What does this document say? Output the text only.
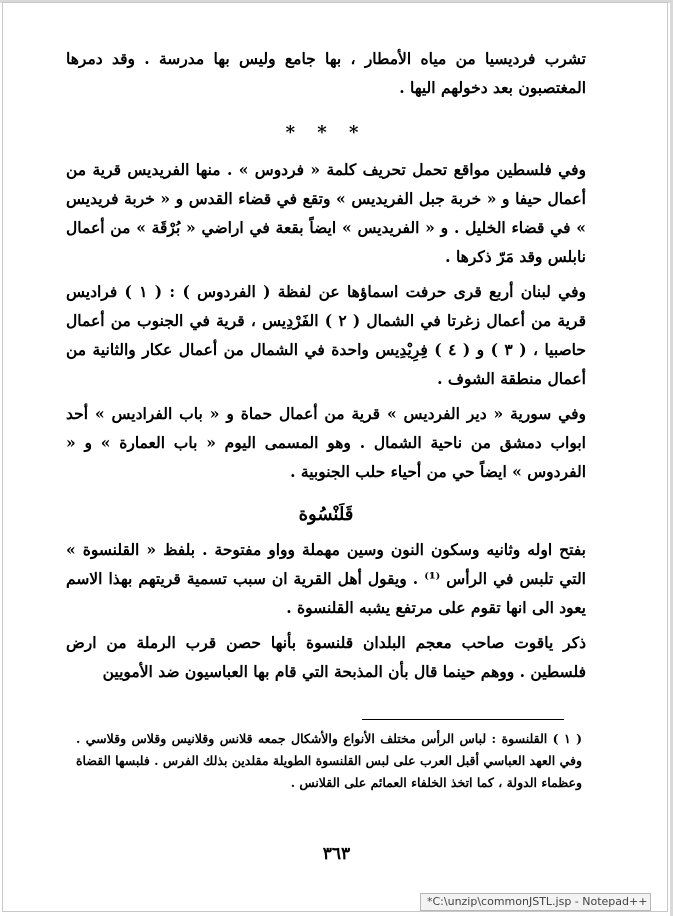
تشرب فرديسيا من مياه الأمطار ، بها جامع وليس بها مدرسة . وقد دمرها المغتصبون بعد دخولهم اليها .

* * *

وفي فلسطين مواقع تحمل تحريف كلمة « فردوس » . منها الفريديس قرية من أعمال حيفا و « خربة جبل الفريديس » وتقع في قضاء القدس و « خربة فريديس » في قضاء الخليل . و « الفريديس » ايضاً بقعة في اراضي « بُرْقَة » من أعمال نابلس وقد مَرّ ذكرها .

وفي لبنان أربع قرى حرفت اسماؤها عن لفظة ( الفردوس ) : ( ١ ) فراديس قرية من أعمال زغرتا في الشمال ( ٢ ) الفَرْدِيس ، قرية في الجنوب من أعمال حاصبيا ، ( ٣ ) و ( ٤ ) فِرِيْدِيس واحدة في الشمال من أعمال عكار والثانية من أعمال منطقة الشوف .

وفي سورية « دير الفرديس » قرية من أعمال حماة و « باب الفراديس » أحد ابواب دمشق من ناحية الشمال . وهو المسمى اليوم « باب العمارة » و « الفردوس » ايضاً حي من أحياء حلب الجنوبية .

قَلَنْسُوة

بفتح اوله وثانيه وسكون النون وسين مهملة وواو مفتوحة . بلفظ « القلنسوة » التي تلبس في الرأس ⁽¹⁾ . ويقول أهل القرية ان سبب تسمية قريتهم بهذا الاسم يعود الى انها تقوم على مرتفع يشبه القلنسوة .

ذكر ياقوت صاحب معجم البلدان قلنسوة بأنها حصن قرب الرملة من ارض فلسطين . ووهم حينما قال بأن المذبحة التي قام بها العباسيون ضد الأمويين

( ١ ) القلنسوة : لباس الرأس مختلف الأنواع والأشكال جمعه قلانس وقلانيس وقلاس وقلاسي . وفي العهد العباسي أقبل العرب على لبس القلنسوة الطويلة مقلدين بذلك الفرس . فلبسها القضاة وعظماء الدولة ، كما اتخذ الخلفاء العمائم على القلانس .
٣٦٣
*C:\unzip\commonJSTL.jsp - Notepad++
